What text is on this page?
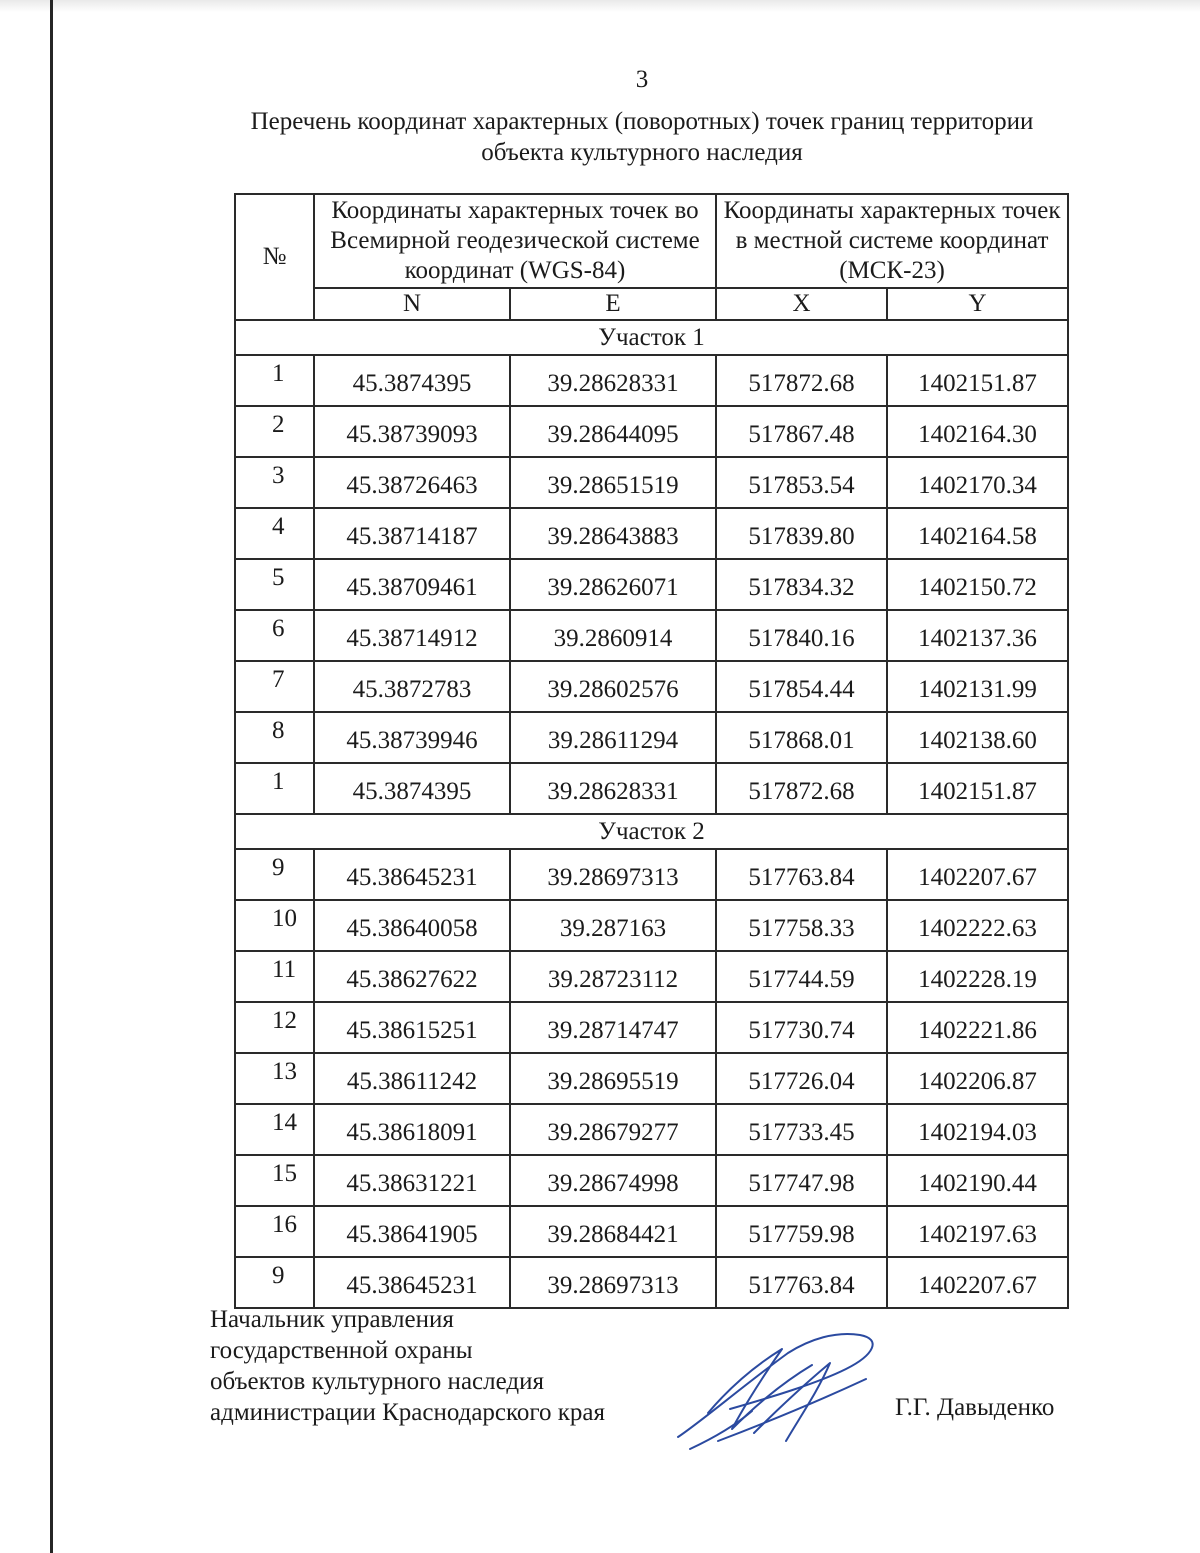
3
Перечень координат характерных (поворотных) точек границ территории
объекта культурного наследия
№	Координаты характерных точек во Всемирной геодезической системе координат (WGS-84)		Координаты характерных точек в местной системе координат (МСК-23)	
	N	E	X	Y
Участок 1				
1	45.3874395	39.28628331	517872.68	1402151.87
2	45.38739093	39.28644095	517867.48	1402164.30
3	45.38726463	39.28651519	517853.54	1402170.34
4	45.38714187	39.28643883	517839.80	1402164.58
5	45.38709461	39.28626071	517834.32	1402150.72
6	45.38714912	39.2860914	517840.16	1402137.36
7	45.3872783	39.28602576	517854.44	1402131.99
8	45.38739946	39.28611294	517868.01	1402138.60
1	45.3874395	39.28628331	517872.68	1402151.87
Участок 2				
9	45.38645231	39.28697313	517763.84	1402207.67
10	45.38640058	39.287163	517758.33	1402222.63
11	45.38627622	39.28723112	517744.59	1402228.19
12	45.38615251	39.28714747	517730.74	1402221.86
13	45.38611242	39.28695519	517726.04	1402206.87
14	45.38618091	39.28679277	517733.45	1402194.03
15	45.38631221	39.28674998	517747.98	1402190.44
16	45.38641905	39.28684421	517759.98	1402197.63
9	45.38645231	39.28697313	517763.84	1402207.67
Начальник управления
государственной охраны
объектов культурного наследия
администрации Краснодарского края	Г.Г. Давыденко
